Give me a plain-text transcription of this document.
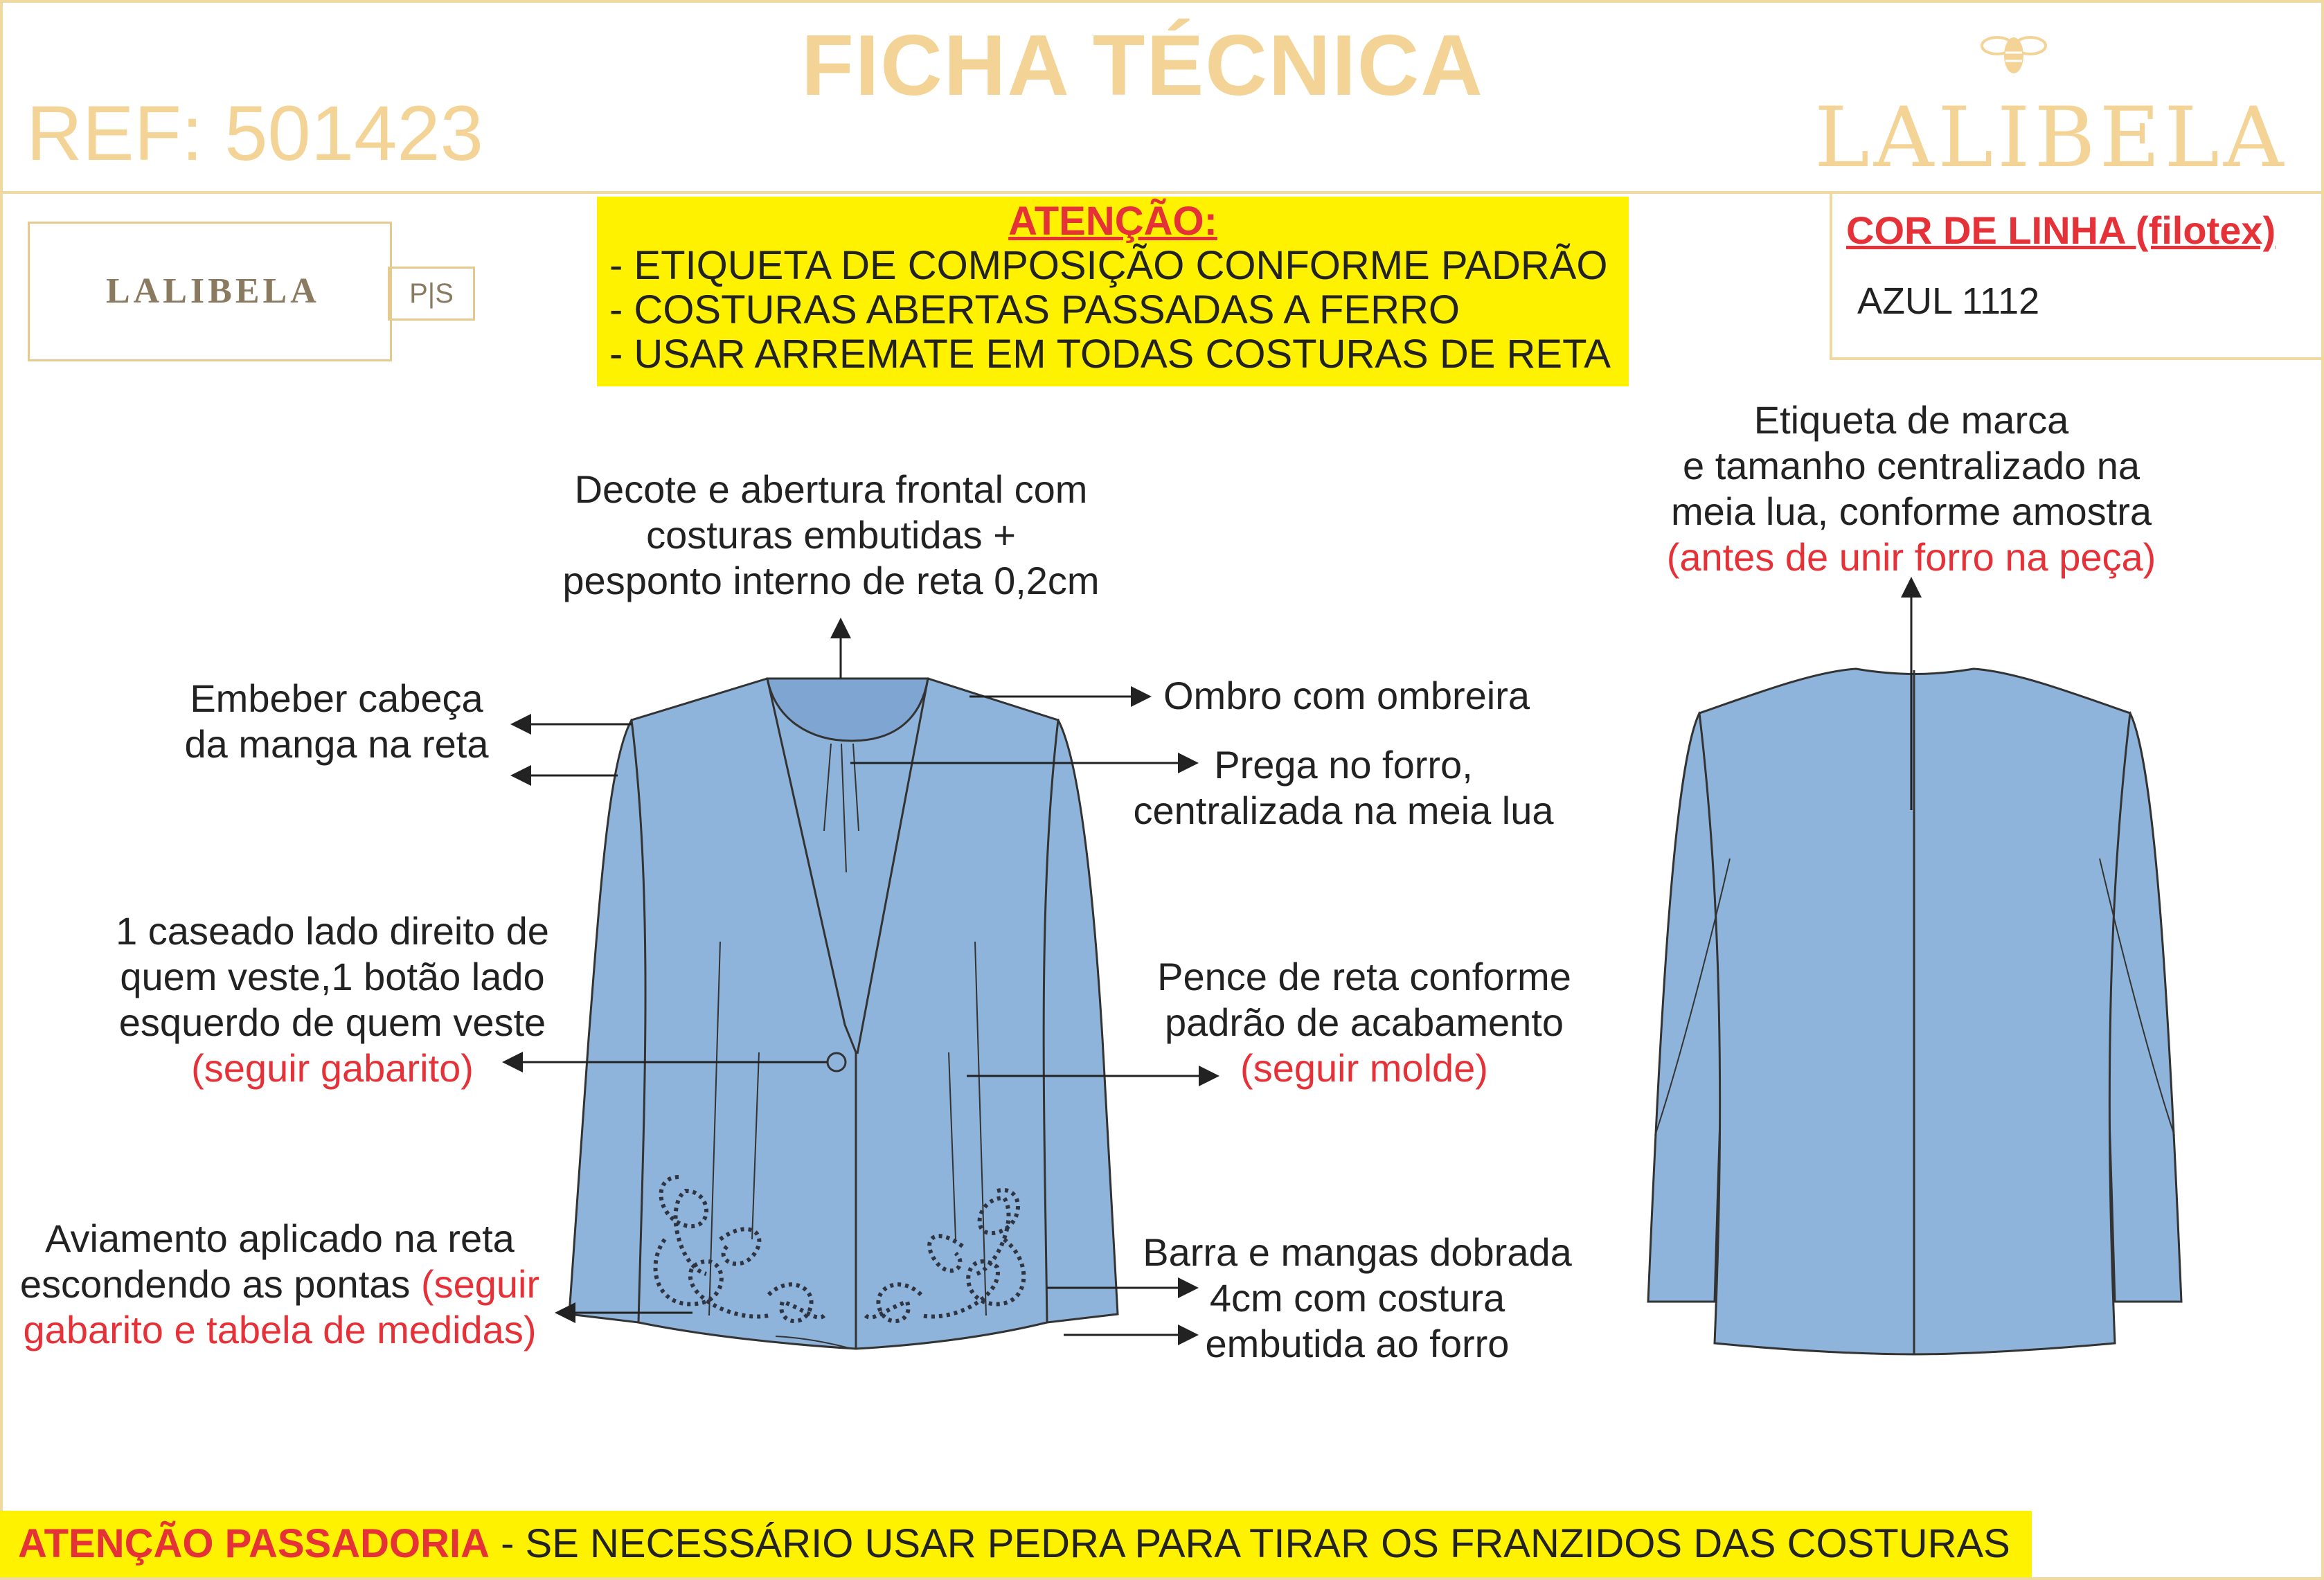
FICHA TÉCNICA
REF: 501423	LALIBELA
LALIBELA	P|S
ATENÇÃO:
- ETIQUETA DE COMPOSIÇÃO CONFORME PADRÃO
- COSTURAS ABERTAS PASSADAS A FERRO
- USAR ARREMATE EM TODAS COSTURAS DE RETA
COR DE LINHA (filotex)
AZUL 1112
Decote e abertura frontal com
costuras embutidas +
pesponto interno de reta 0,2cm
Embeber cabeça
da manga na reta
Ombro com ombreira
Prega no forro,
centralizada na meia lua
1 caseado lado direito de
quem veste,1 botão lado
esquerdo de quem veste
(seguir gabarito)
Pence de reta conforme
padrão de acabamento
(seguir molde)
Aviamento aplicado na reta
escondendo as pontas (seguir
gabarito e tabela de medidas)
Barra e mangas dobrada
4cm com costura
embutida ao forro
Etiqueta de marca
e tamanho centralizado na
meia lua, conforme amostra
(antes de unir forro na peça)
ATENÇÃO PASSADORIA - SE NECESSÁRIO USAR PEDRA PARA TIRAR OS FRANZIDOS DAS COSTURAS
